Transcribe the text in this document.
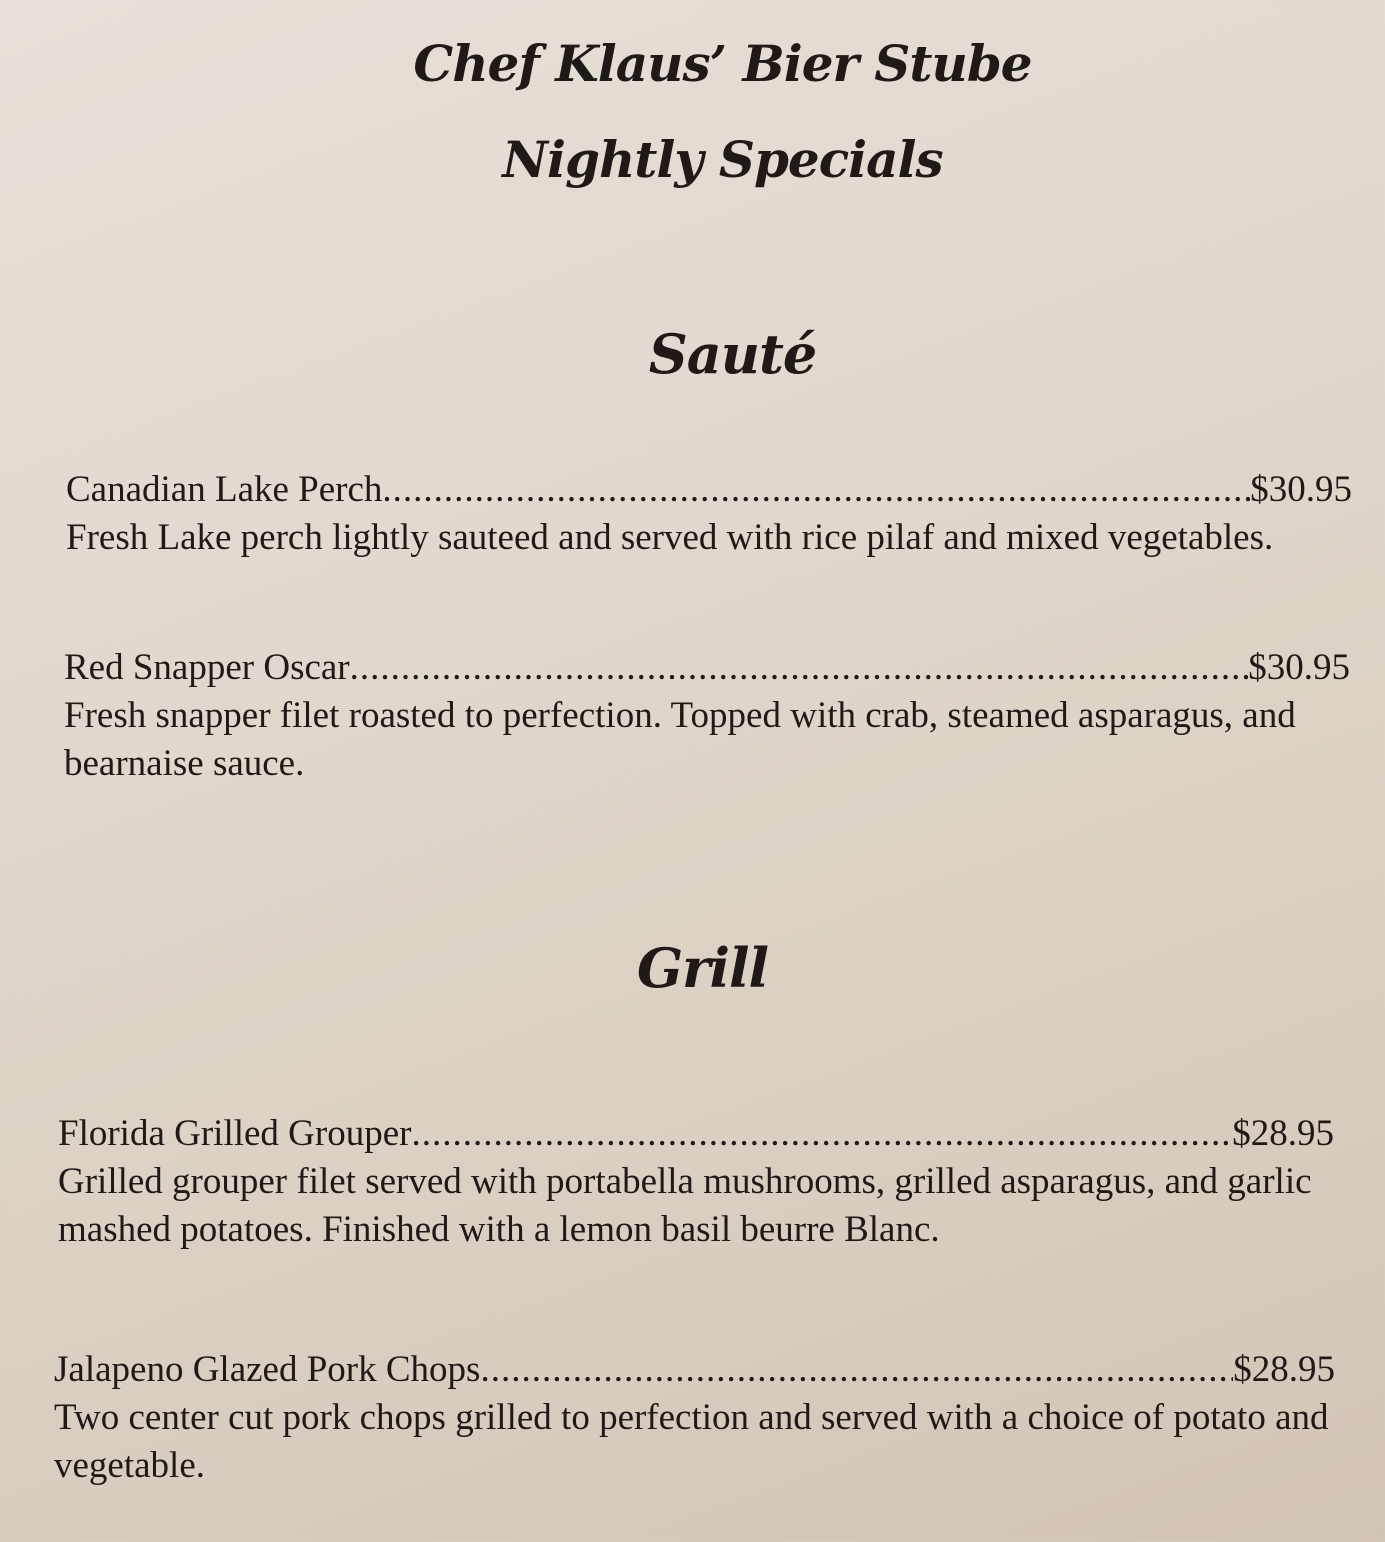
Chef Klaus’ Bier Stube
Nightly Specials
Sauté
Canadian Lake Perch .....	$30.95

Fresh Lake perch lightly sauteed and served with rice pilaf and mixed vegetables.

Red Snapper Oscar .....	$30.95

Fresh snapper filet roasted to perfection. Topped with crab, steamed asparagus, and bearnaise sauce.

Grill
Florida Grilled Grouper .....	$28.95

Grilled grouper filet served with portabella mushrooms, grilled asparagus, and garlic mashed potatoes. Finished with a lemon basil beurre Blanc.

Jalapeno Glazed Pork Chops .....	$28.95

Two center cut pork chops grilled to perfection and served with a choice of potato and vegetable.
